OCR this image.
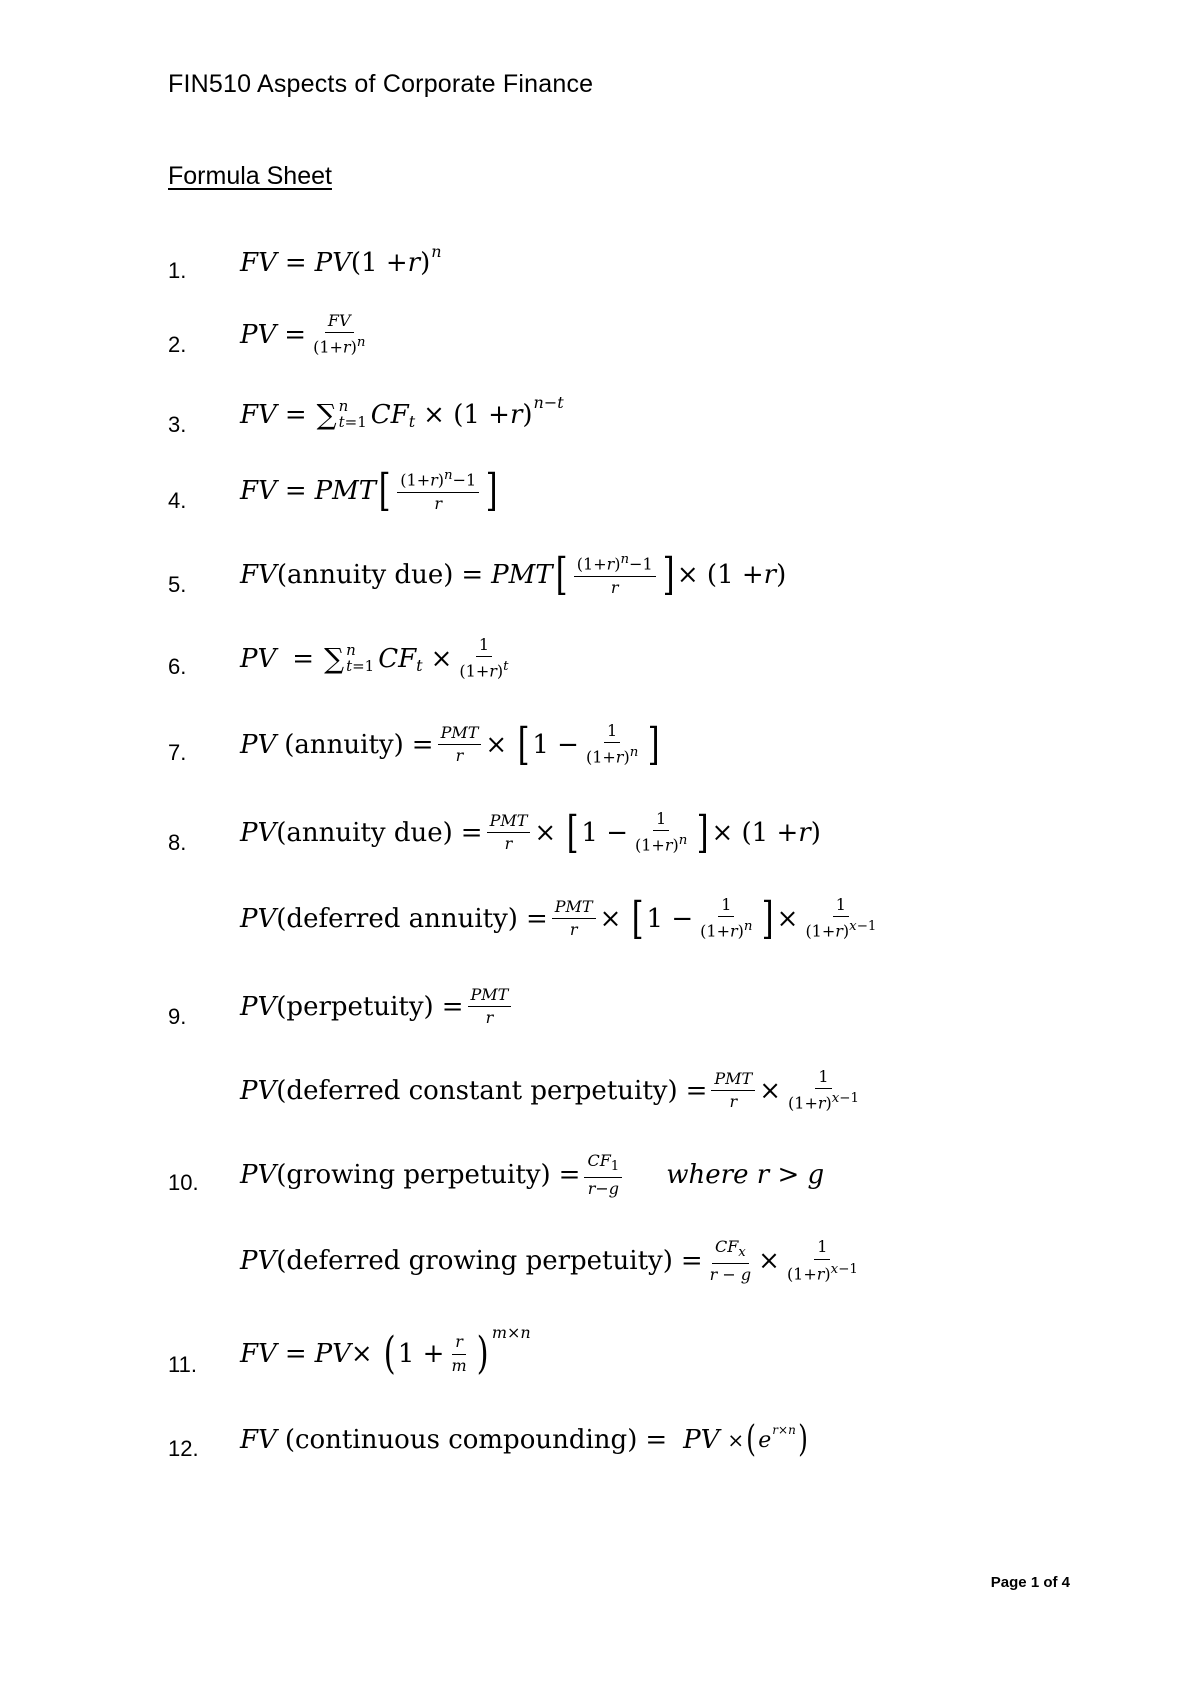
FIN510 Aspects of Corporate Finance
Formula Sheet
1. FV = PV (1 + r ) n
2. PV = $\frac{FV}{(1+r)^n}$
3. FV = ∑ n
t=1 CF t × (1 + r ) n−t
4. FV = PMT [ $\frac{(1+r)^n-1}{r}$ ]
5. FV (annuity due) = PMT [ $\frac{(1+r)^n-1}{r}$ ] × (1 + r )
6. PV = ∑ n
t=1 CF $t \times \frac{1}{(1+r)^t}$
7. PV (annuity) = $\frac{\text{PMT}}{r}$ × [ $1 - \frac{1}{(1+r)^n}$ ]
8. PV (annuity $due) = \frac{\text{PMT}}{r}$ × [ $1 - \frac{1}{(1+r)^n}$ ] × (1 + r )
PV (deferred annuity) = $\frac{\text{PMT}}{r}$ × [ $1 - \frac{1}{(1+r)^n}$ ] × $\frac{1}{(1+r)^{x-1}}$
9. PV (perpetuity) = $\frac{\text{PMT}}{r}$
PV (deferred constant perpetuity) = $\frac{\text{PMT}}{r} \times \frac{1}{(1+r)^{x-1}}$
10. PV (growing perpetuity) = $\frac{CF_1}{r-g}$ where r > g
PV (deferred growing perpetuity) = $\frac{CF_x}{r - g} \times \frac{1}{(1+r)^{x-1}}$
11. FV = PV × ( $1 + \frac{r}{m}$ ) m×n
12. FV (continuous compounding) = PV × ( e r×n )
Page 1 of 4
